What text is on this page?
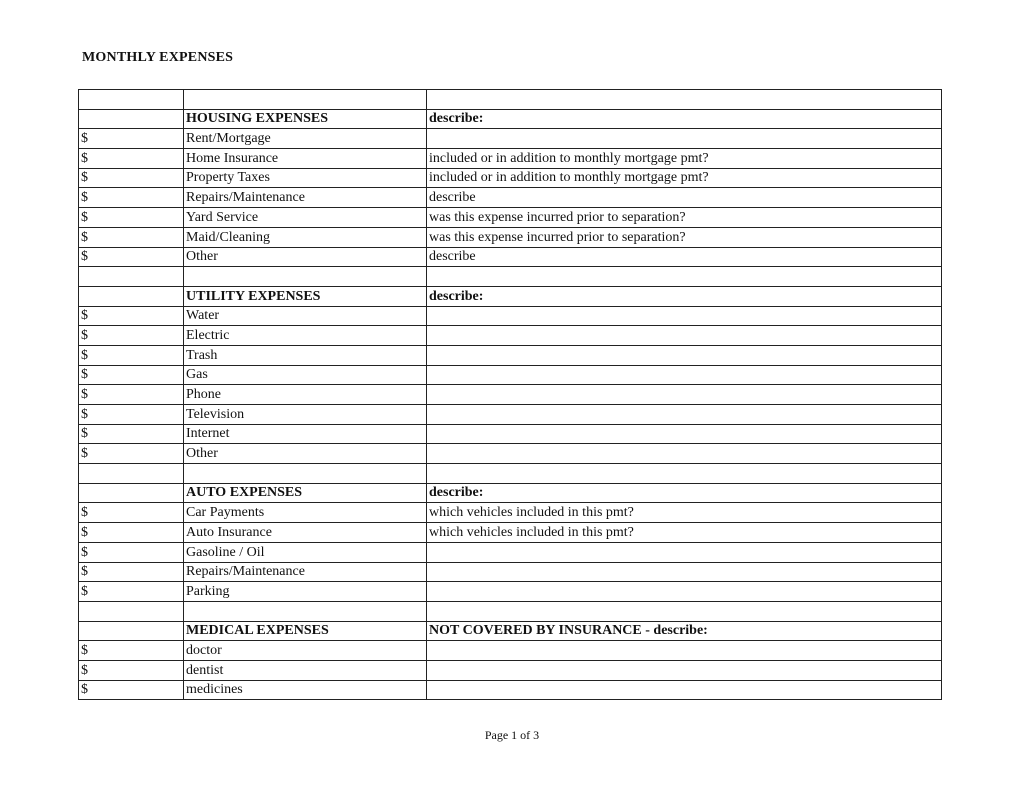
MONTHLY EXPENSES

	HOUSING EXPENSES	describe:
$	Rent/Mortgage	
$	Home Insurance	included or in addition to monthly mortgage pmt?
$	Property Taxes	included or in addition to monthly mortgage pmt?
$	Repairs/Maintenance	describe
$	Yard Service	was this expense incurred prior to separation?
$	Maid/Cleaning	was this expense incurred prior to separation?
$	Other	describe

	UTILITY EXPENSES	describe:
$	Water	
$	Electric	
$	Trash	
$	Gas	
$	Phone	
$	Television	
$	Internet	
$	Other	

	AUTO EXPENSES	describe:
$	Car Payments	which vehicles included in this pmt?
$	Auto Insurance	which vehicles included in this pmt?
$	Gasoline / Oil	
$	Repairs/Maintenance	
$	Parking	

	MEDICAL EXPENSES	NOT COVERED BY INSURANCE - describe:
$	doctor	
$	dentist	
$	medicines	
Page 1 of 3
